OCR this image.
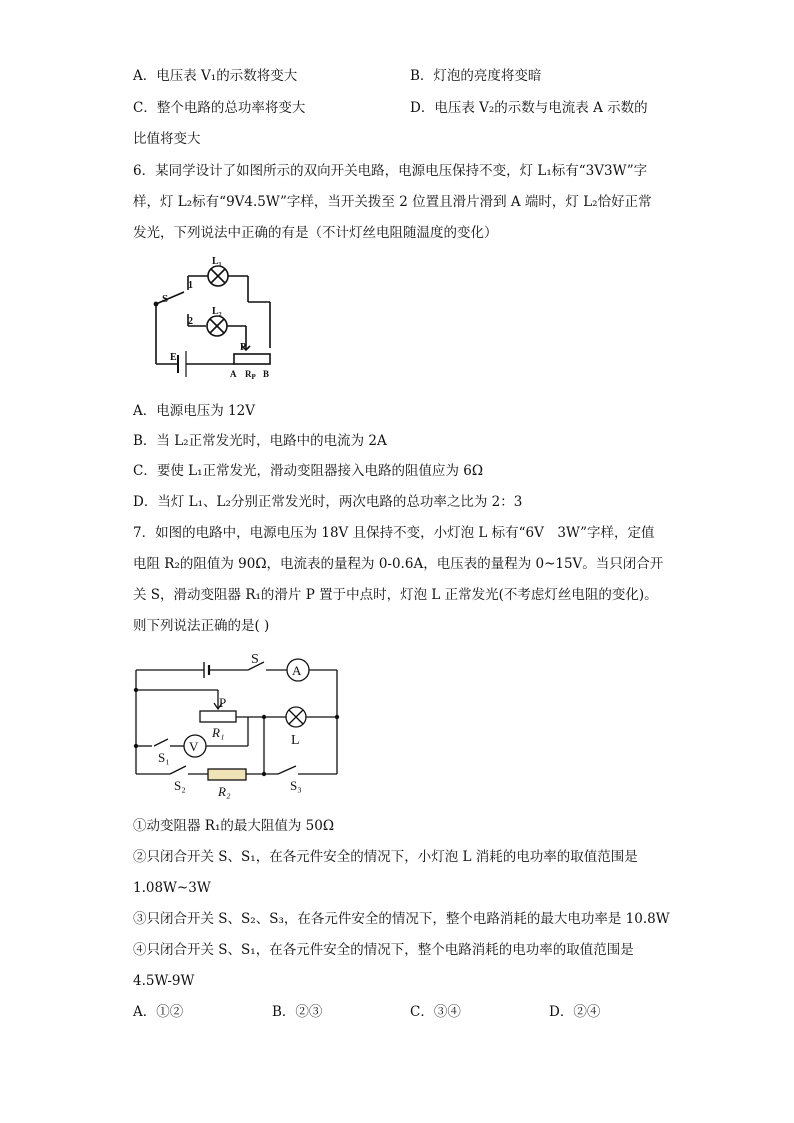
A．电压表 V₁的示数将变大	B．灯泡的亮度将变暗
C．整个电路的总功率将变大	D．电压表 V₂的示数与电流表 A 示数的
比值将变大
6．某同学设计了如图所示的双向开关电路，电源电压保持不变，灯 L₁标有“3V3W”字
样，灯 L₂标有“9V4.5W”字样，当开关拨至 2 位置且滑片滑到 A 端时，灯 L₂恰好正常
发光，下列说法中正确的有是（不计灯丝电阻随温度的变化）
S
1
2
L₁
L₂
E
P
A $R_P$ B
A．电源电压为 12V
B．当 L₂正常发光时，电路中的电流为 2A
C．要使 L₁正常发光，滑动变阻器接入电路的阻值应为 6Ω
D．当灯 L₁、L₂分别正常发光时，两次电路的总功率之比为 2：3
7．如图的电路中，电源电压为 18V 且保持不变，小灯泡 L 标有“6V　3W”字样，定值
电阻 R₂的阻值为 90Ω，电流表的量程为 0-0.6A，电压表的量程为 0~15V。当只闭合开
关 S，滑动变阻器 R₁的滑片 P 置于中点时，灯泡 L 正常发光(不考虑灯丝电阻的变化)。
则下列说法正确的是( )
S
A
P
R₁
L
V
S₁
S₂ R₂	S₃
①动变阻器 R₁的最大阻值为 50Ω
②只闭合开关 S、S₁，在各元件安全的情况下，小灯泡 L 消耗的电功率的取值范围是
1.08W~3W
③只闭合开关 S、S₂、S₃，在各元件安全的情况下，整个电路消耗的最大电功率是 10.8W
④只闭合开关 S、S₁，在各元件安全的情况下，整个电路消耗的电功率的取值范围是
4.5W-9W
A．①②	B．②③	C．③④	D．②④
